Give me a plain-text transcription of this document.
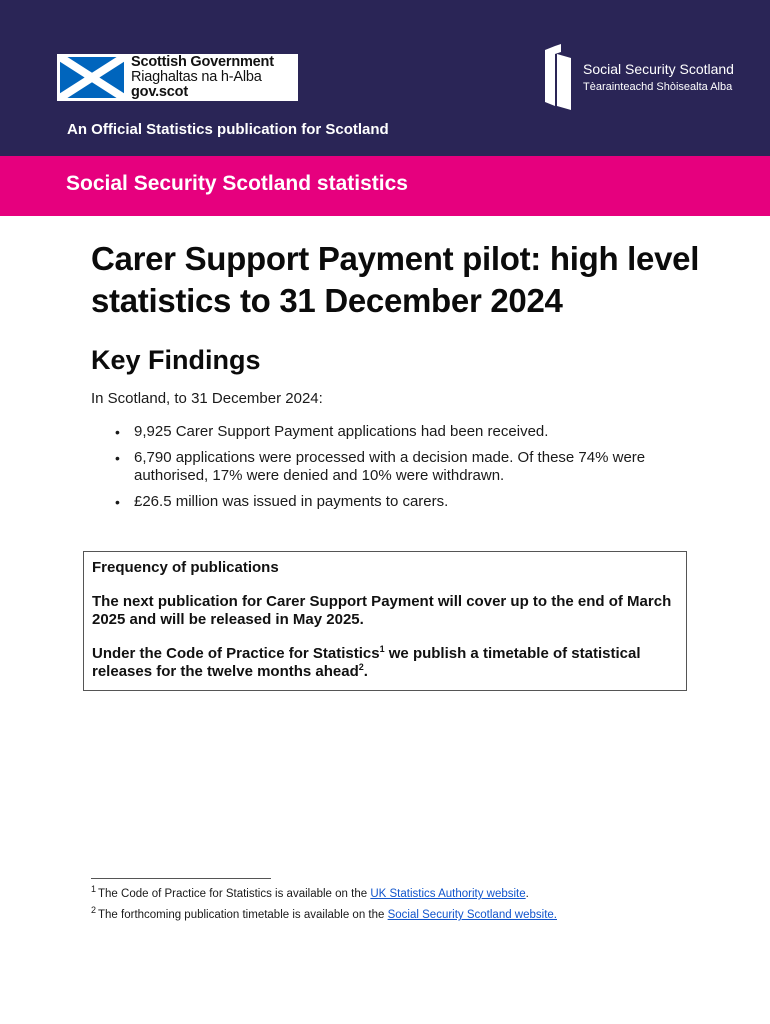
Scottish Government
Riaghaltas na h-Alba
gov.scot
Social Security Scotland
Tèarainteachd Shòisealta Alba
An Official Statistics publication for Scotland
Social Security Scotland statistics
Carer Support Payment pilot: high level statistics to 31 December 2024
Key Findings

In Scotland, to 31 December 2024:

• 9,925 Carer Support Payment applications had been received.
• 6,790 applications were processed with a decision made. Of these 74% were authorised, 17% were denied and 10% were withdrawn.
• £26.5 million was issued in payments to carers.
Frequency of publications

The next publication for Carer Support Payment will cover up to the end of March 2025 and will be released in May 2025.

Under the Code of Practice for Statistics$^1$ we publish a timetable of statistical releases for the twelve months ahead$^2$.

$^1$ The Code of Practice for Statistics is available on the UK Statistics Authority website.
$^2$ The forthcoming publication timetable is available on the Social Security Scotland website.
